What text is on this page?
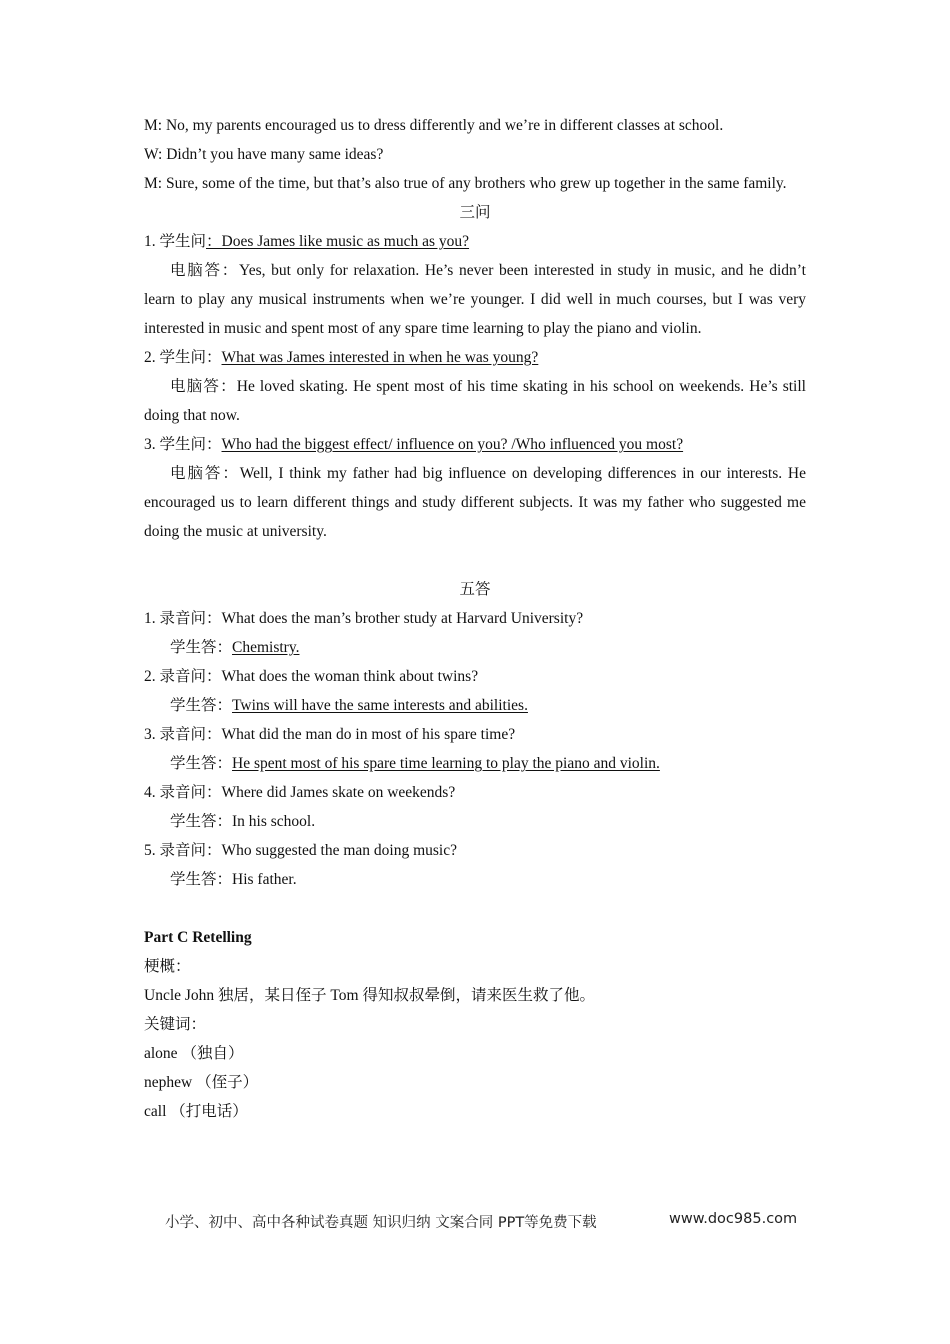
M: No, my parents encouraged us to dress differently and we’re in different classes at school.

W: Didn’t you have many same ideas?

M: Sure, some of the time, but that’s also true of any brothers who grew up together in the same family.

三问

1. 学生问：Does James like music as much as you?

电脑答：Yes, but only for relaxation. He’s never been interested in study in music, and he didn’t learn to play any musical instruments when we’re younger. I did well in much courses, but I was very interested in music and spent most of any spare time learning to play the piano and violin.

2. 学生问：What was James interested in when he was young?

电脑答：He loved skating. He spent most of his time skating in his school on weekends. He’s still doing that now.

3. 学生问：Who had the biggest effect/ influence on you? /Who influenced you most?

电脑答：Well, I think my father had big influence on developing differences in our interests. He encouraged us to learn different things and study different subjects. It was my father who suggested me doing the music at university.

五答

1. 录音问：What does the man’s brother study at Harvard University?

学生答：Chemistry.

2. 录音问：What does the woman think about twins?

学生答：Twins will have the same interests and abilities.

3. 录音问：What did the man do in most of his spare time?

学生答：He spent most of his spare time learning to play the piano and violin.

4. 录音问：Where did James skate on weekends?

学生答：In his school.

5. 录音问：Who suggested the man doing music?

学生答：His father.

Part C Retelling

梗概：

Uncle John 独居，某日侄子 Tom 得知叔叔晕倒，请来医生救了他。

关键词：

alone （独自）

nephew （侄子）

call （打电话）

小学、初中、高中各种试卷真题 知识归纳 文案合同 PPT等免费下载	www.doc985.com
